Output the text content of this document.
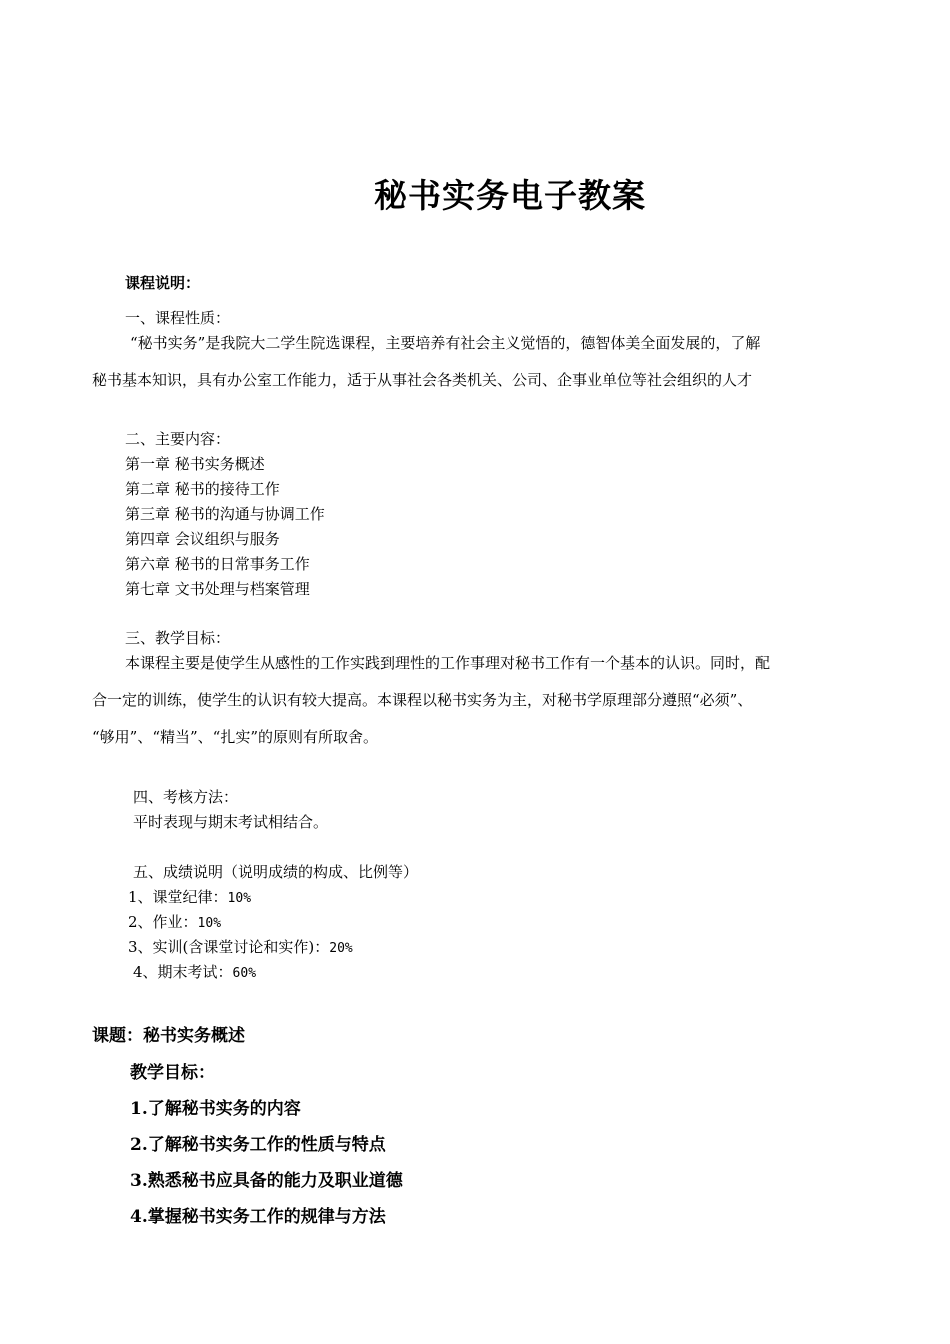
秘书实务电子教案
课程说明：
一、课程性质：
“秘书实务”是我院大二学生院选课程，主要培养有社会主义觉悟的，德智体美全面发展的，了解
秘书基本知识，具有办公室工作能力，适于从事社会各类机关、公司、企事业单位等社会组织的人才
二、主要内容：
第一章 秘书实务概述
第二章 秘书的接待工作
第三章 秘书的沟通与协调工作
第四章 会议组织与服务
第六章 秘书的日常事务工作
第七章 文书处理与档案管理
三、教学目标：
本课程主要是使学生从感性的工作实践到理性的工作事理对秘书工作有一个基本的认识。同时，配
合一定的训练，使学生的认识有较大提高。本课程以秘书实务为主，对秘书学原理部分遵照“必须”、
“够用”、“精当”、“扎实”的原则有所取舍。
四、考核方法：
平时表现与期末考试相结合。
五、成绩说明（说明成绩的构成、比例等）
1、课堂纪律：10%
2、作业：10%
3、实训(含课堂讨论和实作)：20%
4、期末考试：60%
课题：秘书实务概述
教学目标：
1.了解秘书实务的内容
2.了解秘书实务工作的性质与特点
3.熟悉秘书应具备的能力及职业道德
4.掌握秘书实务工作的规律与方法
